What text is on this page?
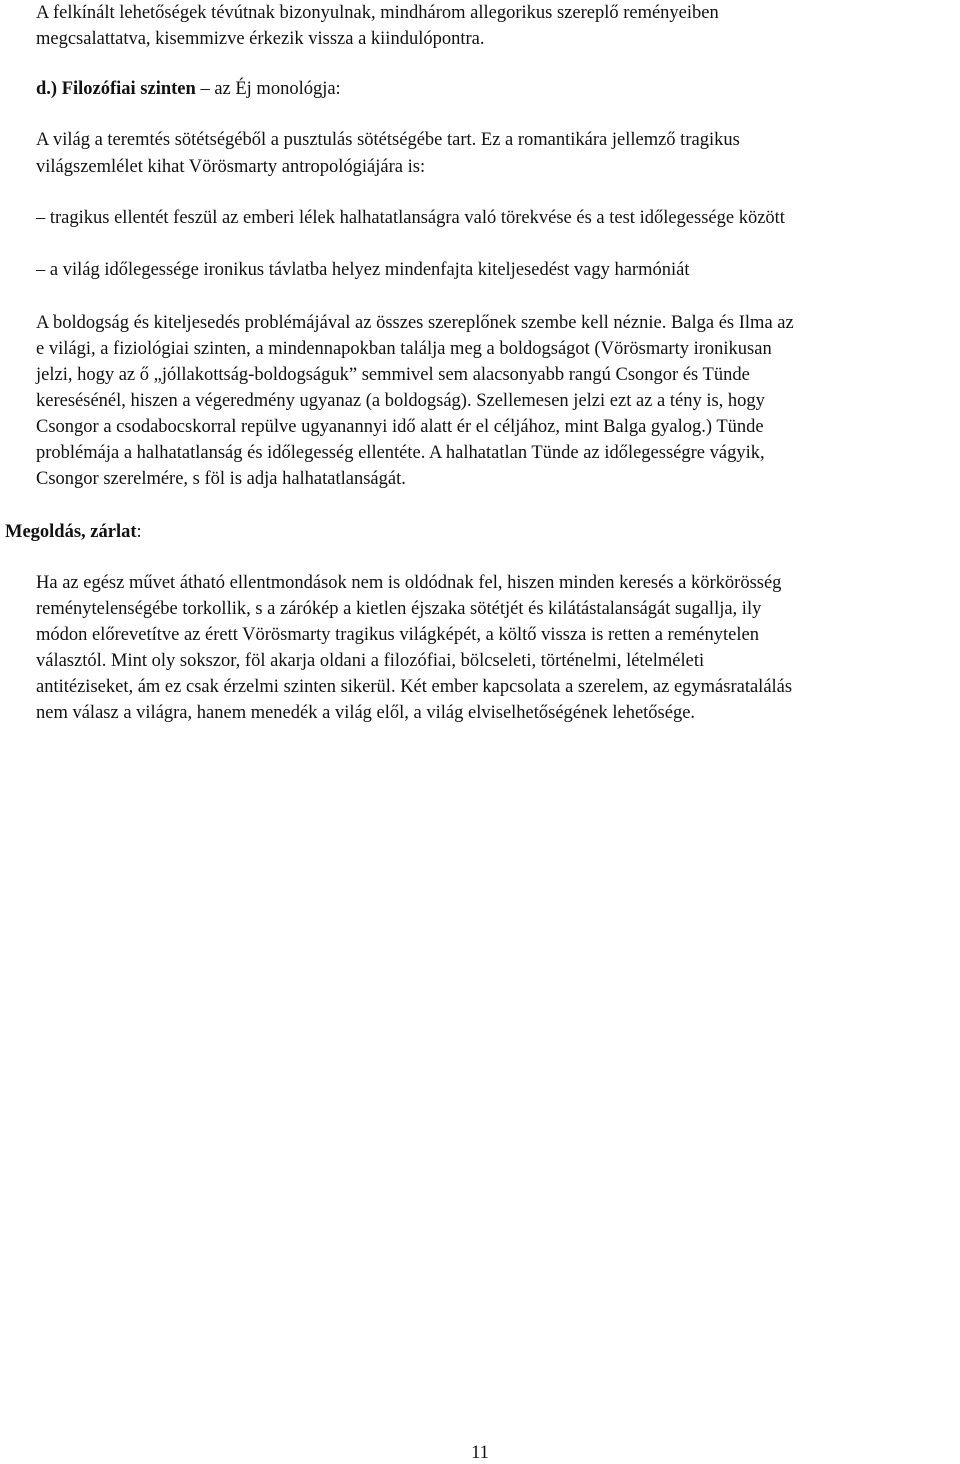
A felkínált lehetőségek tévútnak bizonyulnak, mindhárom allegorikus szereplő reményeiben
megcsalattatva, kisemmizve érkezik vissza a kiindulópontra.
d.) Filozófiai szinten – az Éj monológja:
A világ a teremtés sötétségéből a pusztulás sötétségébe tart. Ez a romantikára jellemző tragikus
világszemlélet kihat Vörösmarty antropológiájára is:
– tragikus ellentét feszül az emberi lélek halhatatlanságra való törekvése és a test időlegessége között
– a világ időlegessége ironikus távlatba helyez mindenfajta kiteljesedést vagy harmóniát
A boldogság és kiteljesedés problémájával az összes szereplőnek szembe kell néznie. Balga és Ilma az
e világi, a fiziológiai szinten, a mindennapokban találja meg a boldogságot (Vörösmarty ironikusan
jelzi, hogy az ő „jóllakottság-boldogságuk” semmivel sem alacsonyabb rangú Csongor és Tünde
keresésénél, hiszen a végeredmény ugyanaz (a boldogság). Szellemesen jelzi ezt az a tény is, hogy
Csongor a csodabocskorral repülve ugyanannyi idő alatt ér el céljához, mint Balga gyalog.) Tünde
problémája a halhatatlanság és időlegesség ellentéte. A halhatatlan Tünde az időlegességre vágyik,
Csongor szerelmére, s föl is adja halhatatlanságát.
Megoldás, zárlat:
Ha az egész művet átható ellentmondások nem is oldódnak fel, hiszen minden keresés a körkörösség
reménytelenségébe torkollik, s a zárókép a kietlen éjszaka sötétjét és kilátástalanságát sugallja, ily
módon előrevetítve az érett Vörösmarty tragikus világképét, a költő vissza is retten a reménytelen
választól. Mint oly sokszor, föl akarja oldani a filozófiai, bölcseleti, történelmi, lételméleti
antitéziseket, ám ez csak érzelmi szinten sikerül. Két ember kapcsolata a szerelem, az egymásratalálás
nem válasz a világra, hanem menedék a világ elől, a világ elviselhetőségének lehetősége.
11
